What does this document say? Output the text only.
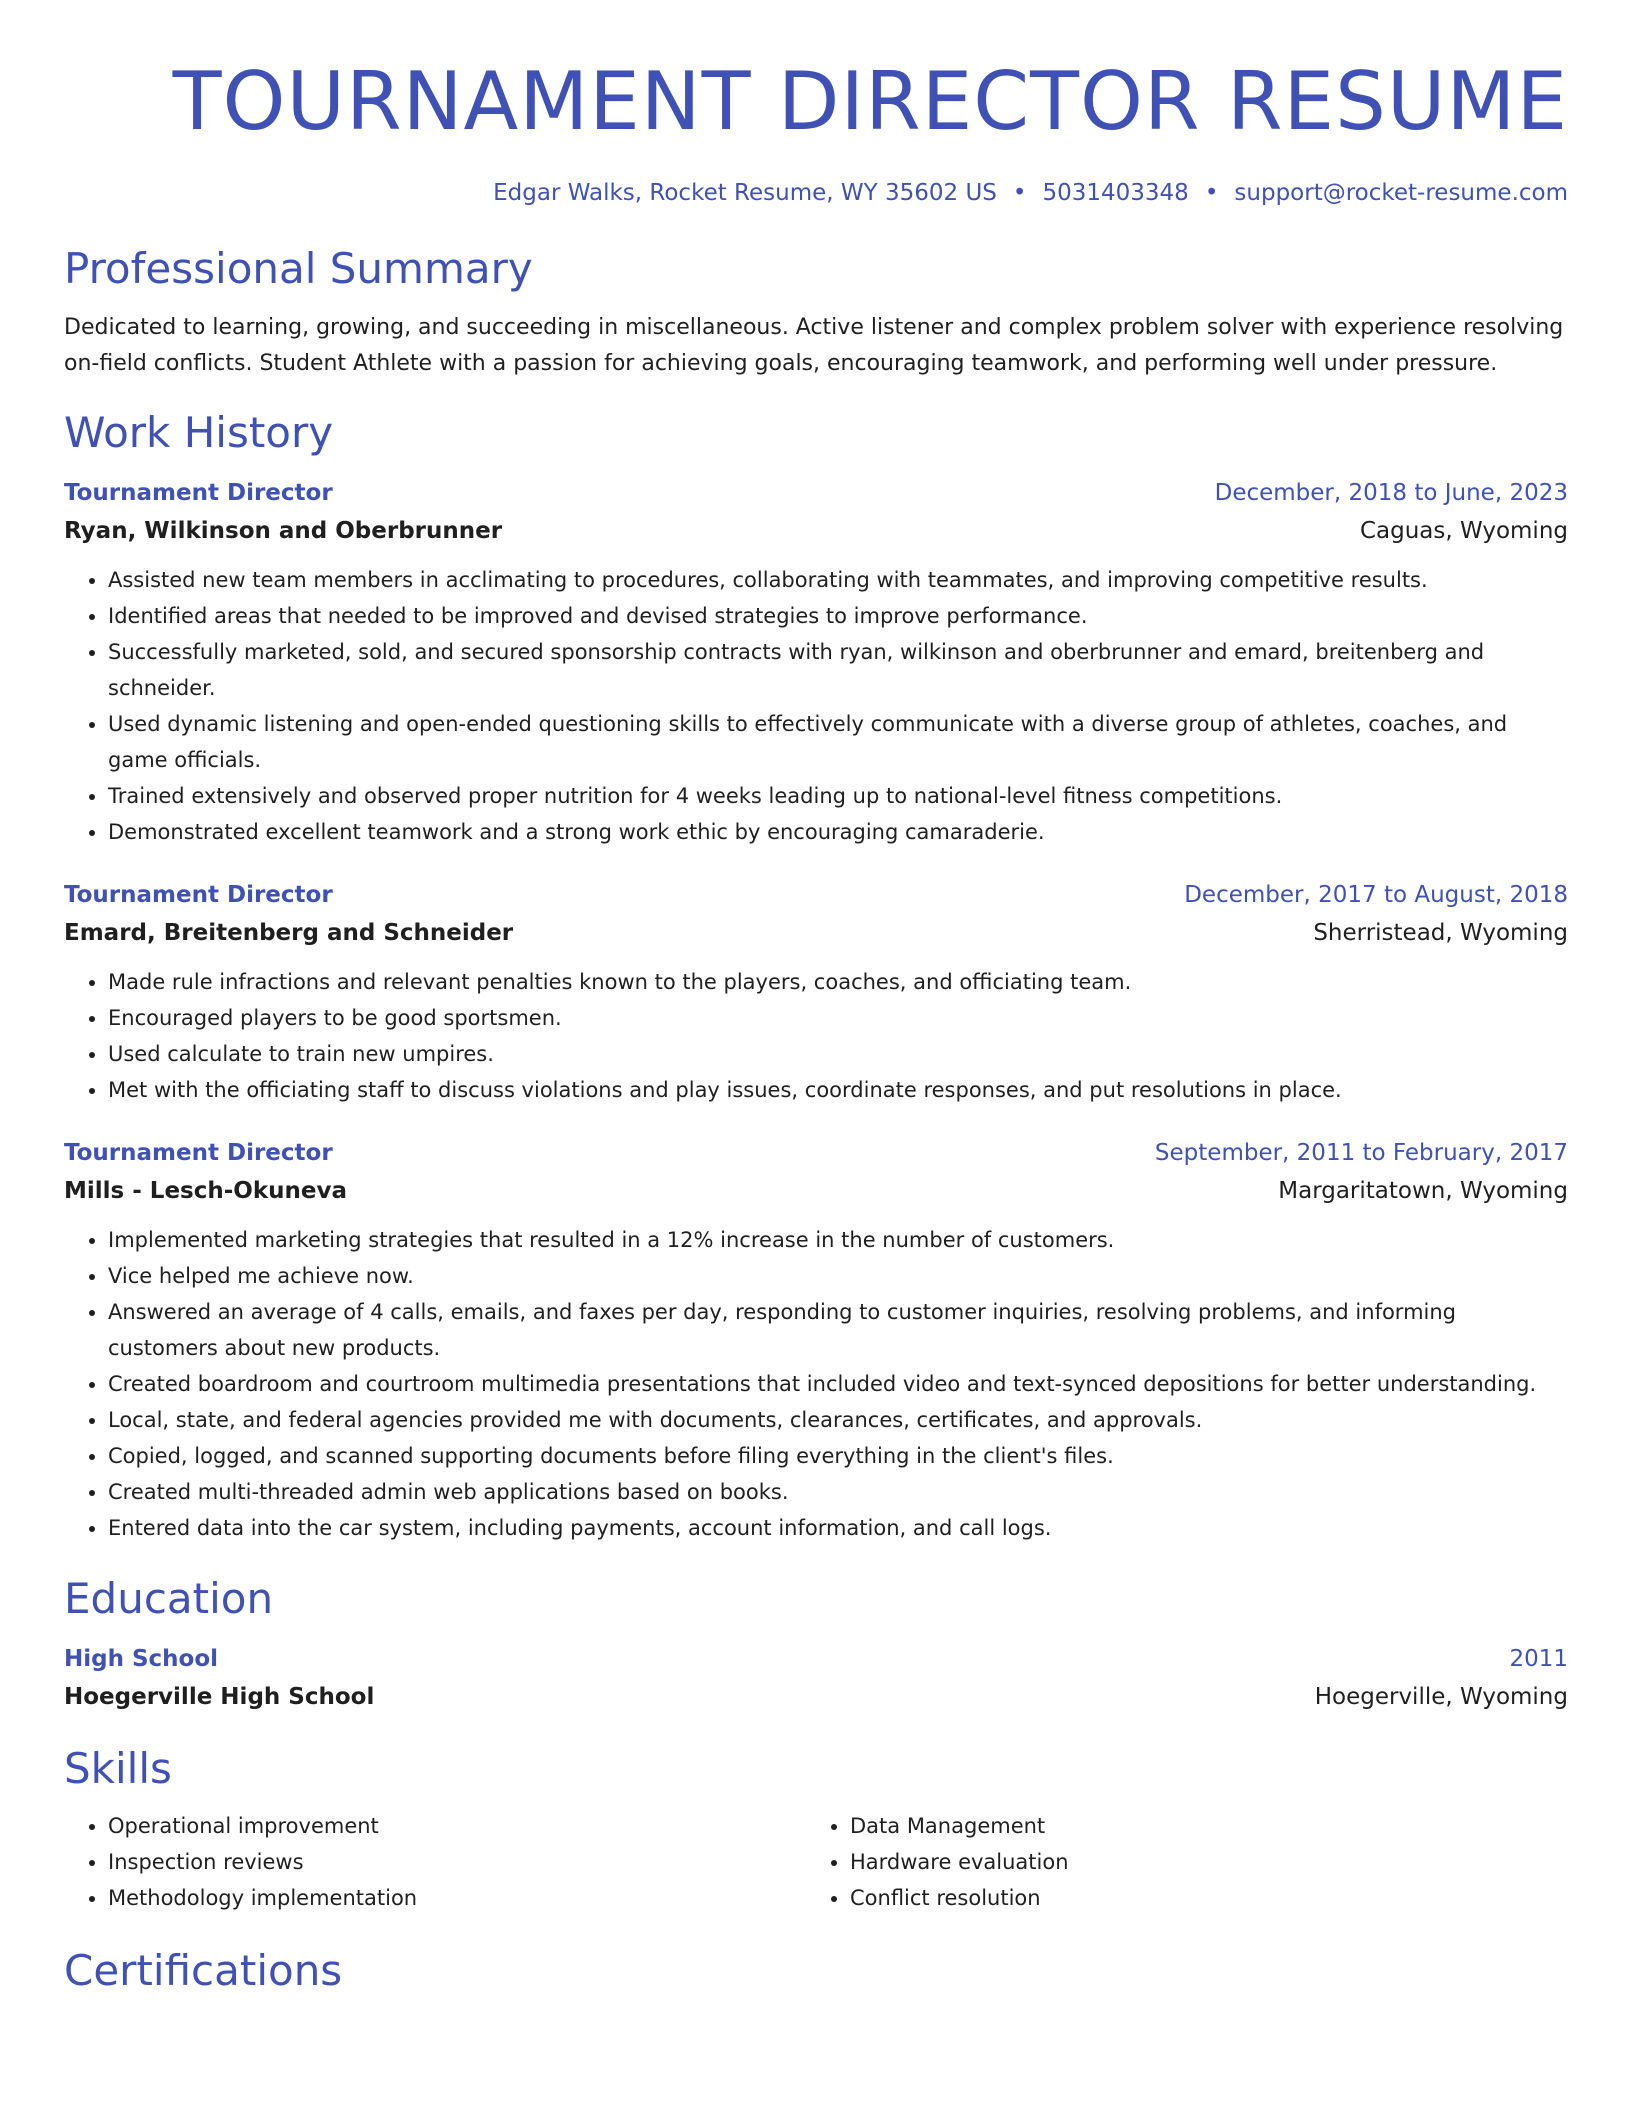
TOURNAMENT DIRECTOR RESUME
Edgar Walks, Rocket Resume, WY 35602 US • 5031403348 • support@rocket-resume.com
Professional Summary
Dedicated to learning, growing, and succeeding in miscellaneous. Active listener and complex problem solver with experience resolving on-field conflicts. Student Athlete with a passion for achieving goals, encouraging teamwork, and performing well under pressure.
Work History
Tournament Director	December, 2018 to June, 2023
Ryan, Wilkinson and Oberbrunner	Caguas, Wyoming
• Assisted new team members in acclimating to procedures, collaborating with teammates, and improving competitive results.
• Identified areas that needed to be improved and devised strategies to improve performance.
• Successfully marketed, sold, and secured sponsorship contracts with ryan, wilkinson and oberbrunner and emard, breitenberg and schneider.
• Used dynamic listening and open-ended questioning skills to effectively communicate with a diverse group of athletes, coaches, and game officials.
• Trained extensively and observed proper nutrition for 4 weeks leading up to national-level fitness competitions.
• Demonstrated excellent teamwork and a strong work ethic by encouraging camaraderie.
Tournament Director	December, 2017 to August, 2018
Emard, Breitenberg and Schneider	Sherristead, Wyoming
• Made rule infractions and relevant penalties known to the players, coaches, and officiating team.
• Encouraged players to be good sportsmen.
• Used calculate to train new umpires.
• Met with the officiating staff to discuss violations and play issues, coordinate responses, and put resolutions in place.
Tournament Director	September, 2011 to February, 2017
Mills - Lesch-Okuneva	Margaritatown, Wyoming
• Implemented marketing strategies that resulted in a 12% increase in the number of customers.
• Vice helped me achieve now.
• Answered an average of 4 calls, emails, and faxes per day, responding to customer inquiries, resolving problems, and informing customers about new products.
• Created boardroom and courtroom multimedia presentations that included video and text-synced depositions for better understanding.
• Local, state, and federal agencies provided me with documents, clearances, certificates, and approvals.
• Copied, logged, and scanned supporting documents before filing everything in the client's files.
• Created multi-threaded admin web applications based on books.
• Entered data into the car system, including payments, account information, and call logs.
Education
High School	2011
Hoegerville High School	Hoegerville, Wyoming
Skills
• Operational improvement
• Inspection reviews
• Methodology implementation
• Data Management
• Hardware evaluation
• Conflict resolution
Certifications
